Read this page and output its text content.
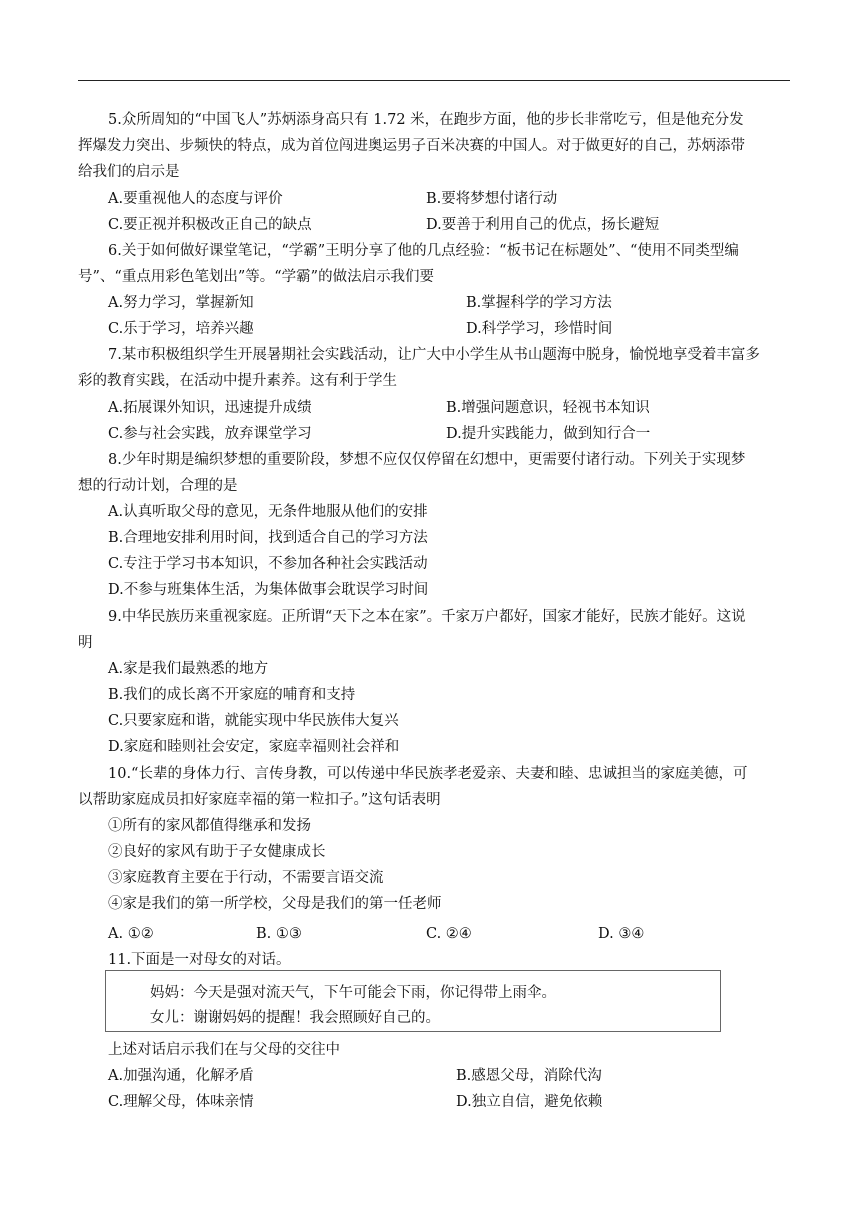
5.众所周知的“中国飞人”苏炳添身高只有 1.72 米，在跑步方面，他的步长非常吃亏，但是他充分发
挥爆发力突出、步频快的特点，成为首位闯进奥运男子百米决赛的中国人。对于做更好的自己，苏炳添带
给我们的启示是
A.要重视他人的态度与评价	B.要将梦想付诸行动
C.要正视并积极改正自己的缺点	D.要善于利用自己的优点，扬长避短
6.关于如何做好课堂笔记，“学霸”王明分享了他的几点经验：“板书记在标题处”、“使用不同类型编
号”、“重点用彩色笔划出”等。“学霸”的做法启示我们要
A.努力学习，掌握新知	B.掌握科学的学习方法
C.乐于学习，培养兴趣	D.科学学习，珍惜时间
7.某市积极组织学生开展暑期社会实践活动，让广大中小学生从书山题海中脱身，愉悦地享受着丰富多
彩的教育实践，在活动中提升素养。这有利于学生
A.拓展课外知识，迅速提升成绩	B.增强问题意识，轻视书本知识
C.参与社会实践，放弃课堂学习	D.提升实践能力，做到知行合一
8.少年时期是编织梦想的重要阶段，梦想不应仅仅停留在幻想中，更需要付诸行动。下列关于实现梦
想的行动计划，合理的是
A.认真听取父母的意见，无条件地服从他们的安排
B.合理地安排利用时间，找到适合自己的学习方法
C.专注于学习书本知识，不参加各种社会实践活动
D.不参与班集体生活，为集体做事会耽误学习时间
9.中华民族历来重视家庭。正所谓“天下之本在家”。千家万户都好，国家才能好，民族才能好。这说
明
A.家是我们最熟悉的地方
B.我们的成长离不开家庭的哺育和支持
C.只要家庭和谐，就能实现中华民族伟大复兴
D.家庭和睦则社会安定，家庭幸福则社会祥和
10.“长辈的身体力行、言传身教，可以传递中华民族孝老爱亲、夫妻和睦、忠诚担当的家庭美德，可
以帮助家庭成员扣好家庭幸福的第一粒扣子。”这句话表明
①所有的家风都值得继承和发扬
②良好的家风有助于子女健康成长
③家庭教育主要在于行动，不需要言语交流
④家是我们的第一所学校，父母是我们的第一任老师
A. ①②	B. ①③	C. ②④	D. ③④
11.下面是一对母女的对话。
妈妈：今天是强对流天气，下午可能会下雨，你记得带上雨伞。
女儿：谢谢妈妈的提醒！我会照顾好自己的。
上述对话启示我们在与父母的交往中
A.加强沟通，化解矛盾	B.感恩父母，消除代沟
C.理解父母，体味亲情	D.独立自信，避免依赖
